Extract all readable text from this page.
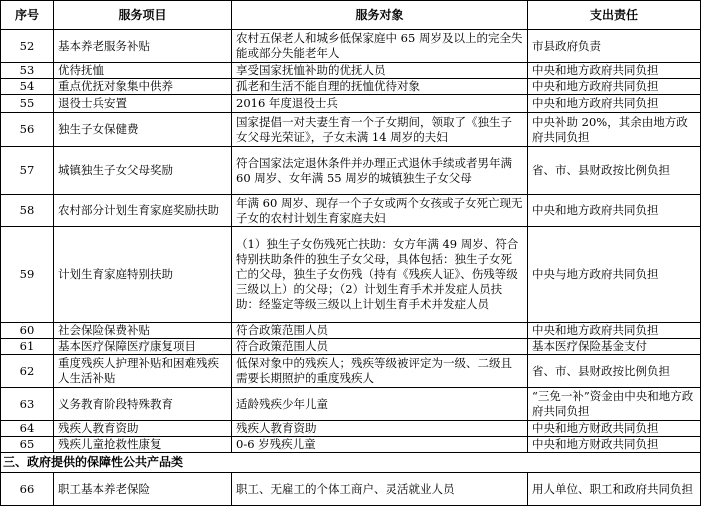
序号	服务项目	服务对象	支出责任
52	基本养老服务补贴	农村五保老人和城乡低保家庭中 65 周岁及以上的完全失能或部分失能老年人	市县政府负责
53	优待抚恤	享受国家抚恤补助的优抚人员	中央和地方政府共同负担
54	重点优抚对象集中供养	孤老和生活不能自理的抚恤优待对象	中央和地方政府共同负担
55	退役士兵安置	2016 年度退役士兵	中央和地方政府共同负担
56	独生子女保健费	国家提倡一对夫妻生育一个子女期间，领取了《独生子女父母光荣证》，子女未满 14 周岁的夫妇	中央补助 20%，其余由地方政府共同负担
57	城镇独生子女父母奖励	符合国家法定退休条件并办理正式退休手续或者男年满 60 周岁、女年满 55 周岁的城镇独生子女父母	省、市、县财政按比例负担
58	农村部分计划生育家庭奖励扶助	年满 60 周岁、现存一个子女或两个女孩或子女死亡现无子女的农村计划生育家庭夫妇	中央和地方政府共同负担
59	计划生育家庭特别扶助	（1）独生子女伤残死亡扶助：女方年满 49 周岁、符合特别扶助条件的独生子女父母，具体包括：独生子女死亡的父母，独生子女伤残（持有《残疾人证》、伤残等级三级以上）的父母；（2）计划生育手术并发症人员扶助：经鉴定等级三级以上计划生育手术并发症人员	中央与地方政府共同负担
60	社会保险保费补贴	符合政策范围人员	中央和地方政府共同负担
61	基本医疗保障医疗康复项目	符合政策范围人员	基本医疗保险基金支付
62	重度残疾人护理补贴和困难残疾人生活补贴	低保对象中的残疾人；残疾等级被评定为一级、二级且需要长期照护的重度残疾人	省、市、县财政按比例负担
63	义务教育阶段特殊教育	适龄残疾少年儿童	“三免一补”资金由中央和地方政府共同负担
64	残疾人教育资助	残疾人教育资助	中央和地方财政共同负担
65	残疾儿童抢救性康复	0-6 岁残疾儿童	中央和地方财政共同负担
三、政府提供的保障性公共产品类			
66	职工基本养老保险	职工、无雇工的个体工商户、灵活就业人员	用人单位、职工和政府共同负担
